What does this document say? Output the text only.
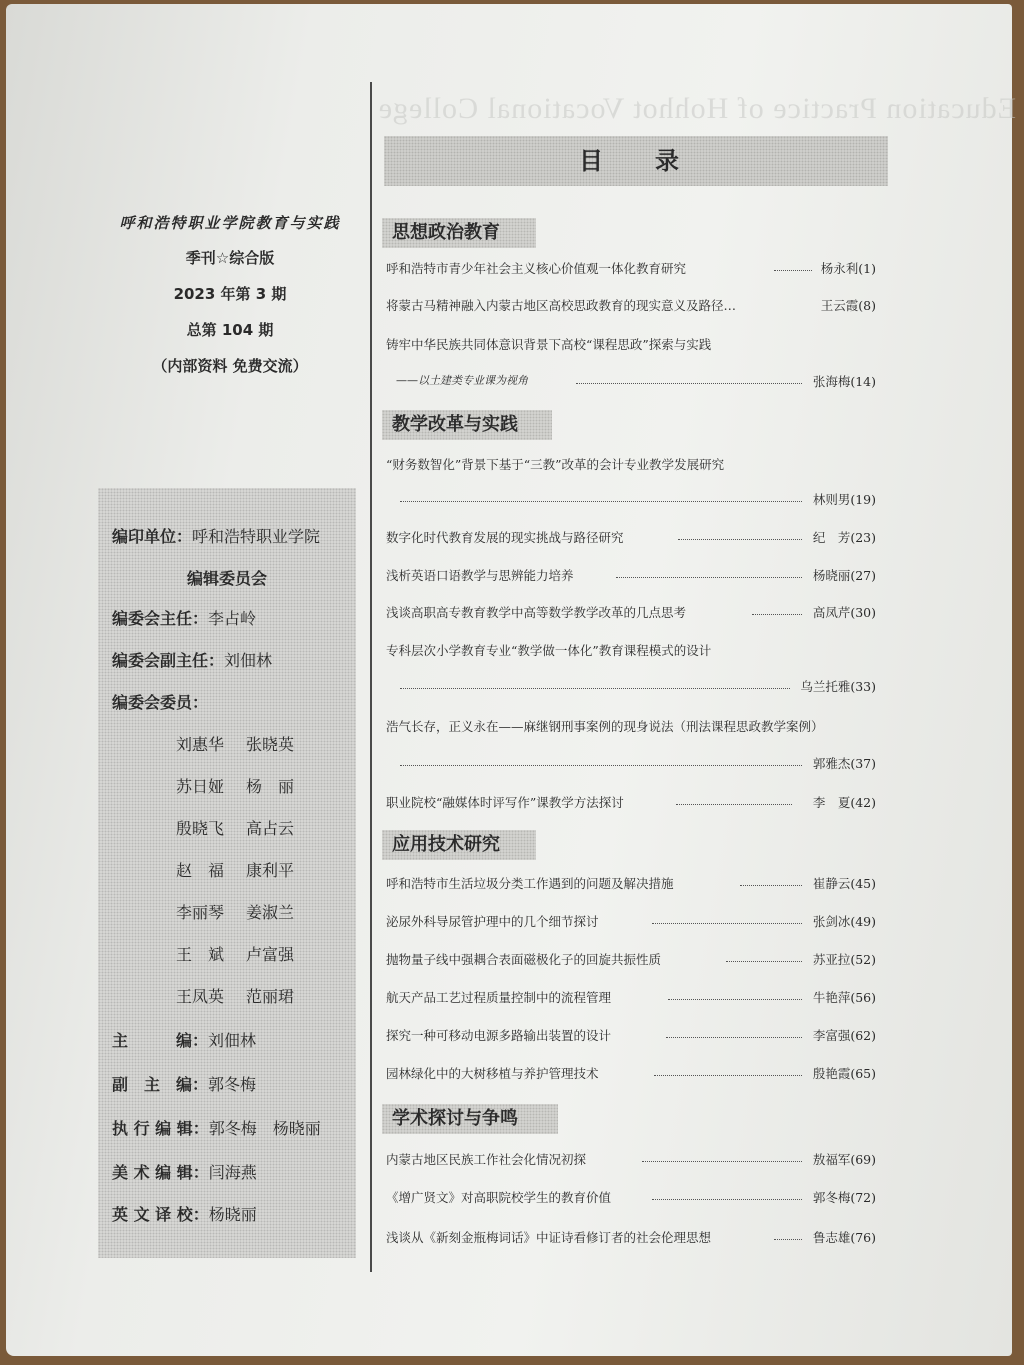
Education Practice of Hohhot Vocational College

呼和浩特职业学院教育与实践

季刊☆综合版

2023 年第 3 期

总第 104 期

（内部资料 免费交流）

编印单位：呼和浩特职业学院
编辑委员会
编委会主任：李占岭
编委会副主任：刘佃林
编委会委员：
刘惠华 张晓英
苏日娅 杨　丽
殷晓飞 高占云
赵　福 康利平
李丽琴 姜淑兰
王　斌 卢富强
王凤英 范丽珺
主　　　编：刘佃林
副　主　编：郭冬梅
执 行 编 辑：郭冬梅　杨晓丽
美 术 编 辑：闫海燕
英 文 译 校：杨晓丽
目　录
思想政治教育
呼和浩特市青少年社会主义核心价值观一体化教育研究	杨永利(1)
将蒙古马精神融入内蒙古地区高校思政教育的现实意义及路径…	王云霞(8)
铸牢中华民族共同体意识背景下高校“课程思政”探索与实践
——以土建类专业课为视角	张海梅(14)
教学改革与实践
“财务数智化”背景下基于“三教”改革的会计专业教学发展研究
林则男(19)
数字化时代教育发展的现实挑战与路径研究	纪　芳(23)
浅析英语口语教学与思辨能力培养	杨晓丽(27)
浅谈高职高专教育教学中高等数学教学改革的几点思考	高凤芹(30)
专科层次小学教育专业“教学做一体化”教育课程模式的设计
乌兰托雅(33)
浩气长存，正义永在——麻继钢刑事案例的现身说法（刑法课程思政教学案例）
郭雅杰(37)
职业院校“融媒体时评写作”课教学方法探讨	李　夏(42)
应用技术研究
呼和浩特市生活垃圾分类工作遇到的问题及解决措施	崔静云(45)
泌尿外科导尿管护理中的几个细节探讨	张剑冰(49)
抛物量子线中强耦合表面磁极化子的回旋共振性质	苏亚拉(52)
航天产品工艺过程质量控制中的流程管理	牛艳萍(56)
探究一种可移动电源多路输出装置的设计	李富强(62)
园林绿化中的大树移植与养护管理技术	殷艳霞(65)
学术探讨与争鸣
内蒙古地区民族工作社会化情况初探	敖福军(69)
《增广贤文》对高职院校学生的教育价值	郭冬梅(72)
浅谈从《新刻金瓶梅词话》中证诗看修订者的社会伦理思想	鲁志雄(76)
